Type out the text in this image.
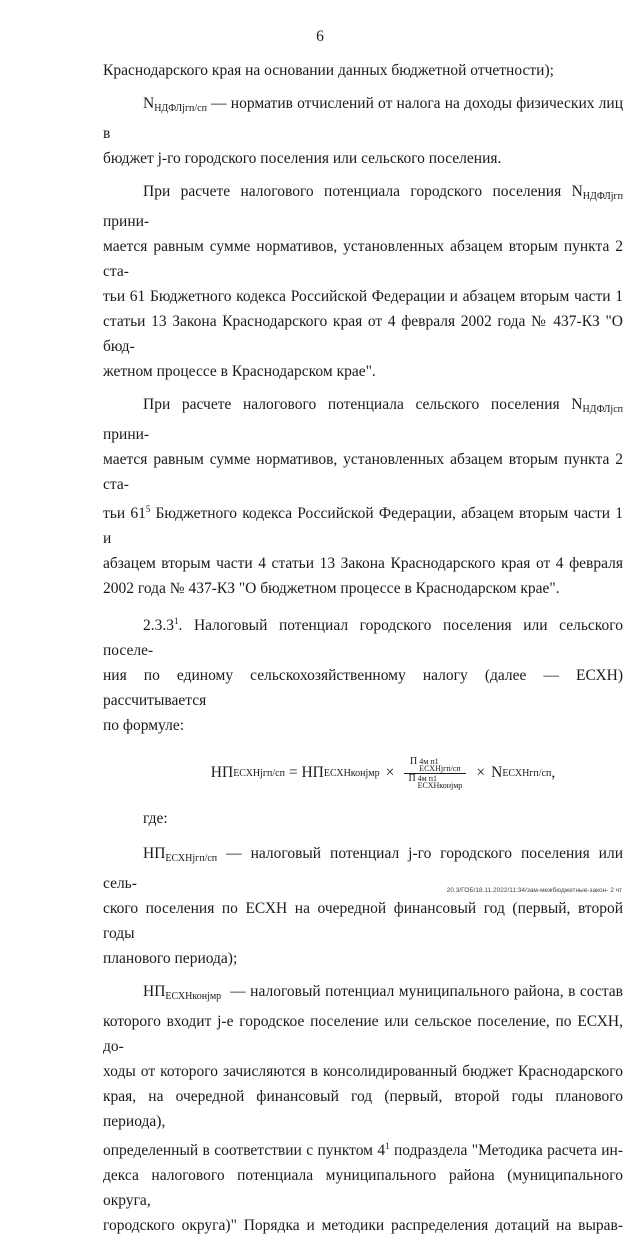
6

Краснодарского края на основании данных бюджетной отчетности);

$N_{НДФЛjгп/сп}$ — норматив отчислений от налога на доходы физических лиц в
бюджет j-го городского поселения или сельского поселения.

При расчете налогового потенциала городского поселения $N_{НДФЛjгп}$ прини-
мается равным сумме нормативов, установленных абзацем вторым пункта 2 ста-
тьи 61 Бюджетного кодекса Российской Федерации и абзацем вторым части 1
статьи 13 Закона Краснодарского края от 4 февраля 2002 года № 437-КЗ "О бюд-
жетном процессе в Краснодарском крае".

При расчете налогового потенциала сельского поселения $N_{НДФЛjсп}$ прини-
мается равным сумме нормативов, установленных абзацем вторым пункта 2 ста-
тьи $61^5$ Бюджетного кодекса Российской Федерации, абзацем вторым части 1 и
абзацем вторым части 4 статьи 13 Закона Краснодарского края от 4 февраля
2002 года № 437-КЗ "О бюджетном процессе в Краснодарском крае".

2.3.3$^1$. Налоговый потенциал городского поселения или сельского поселе-
ния по единому сельскохозяйственному налогу (далее — ЕСХН) рассчитывается
по формуле:

НП ЕСХНjгп/сп = НП ЕСХНконjмр × П 4м п1
ЕСХНjгп/сп
П 4м п1
ЕСХНконjмр × N ЕСХНгп/сп ,

где:

$НП_{ЕСХНjгп/сп}$ — налоговый потенциал j-го городского поселения или сель-
ского поселения по ЕСХН на очередной финансовый год (первый, второй годы
планового периода);

$НП_{ЕСХНконjмр}$  — налоговый потенциал муниципального района, в состав
которого входит j-е городское поселение или сельское поселение, по ЕСХН, до-
ходы от которого зачисляются в консолидированный бюджет Краснодарского
края, на очередной финансовый год (первый, второй годы планового периода),
определенный в соответствии с пунктом $4^1$ подраздела "Методика расчета ин-
декса налогового потенциала муниципального района (муниципального округа,
городского округа)" Порядка и методики распределения дотаций на вырав-

20.3/ГОБ/18.11.2022/11:34/зам-межбюджетные-закон- 2 чт
